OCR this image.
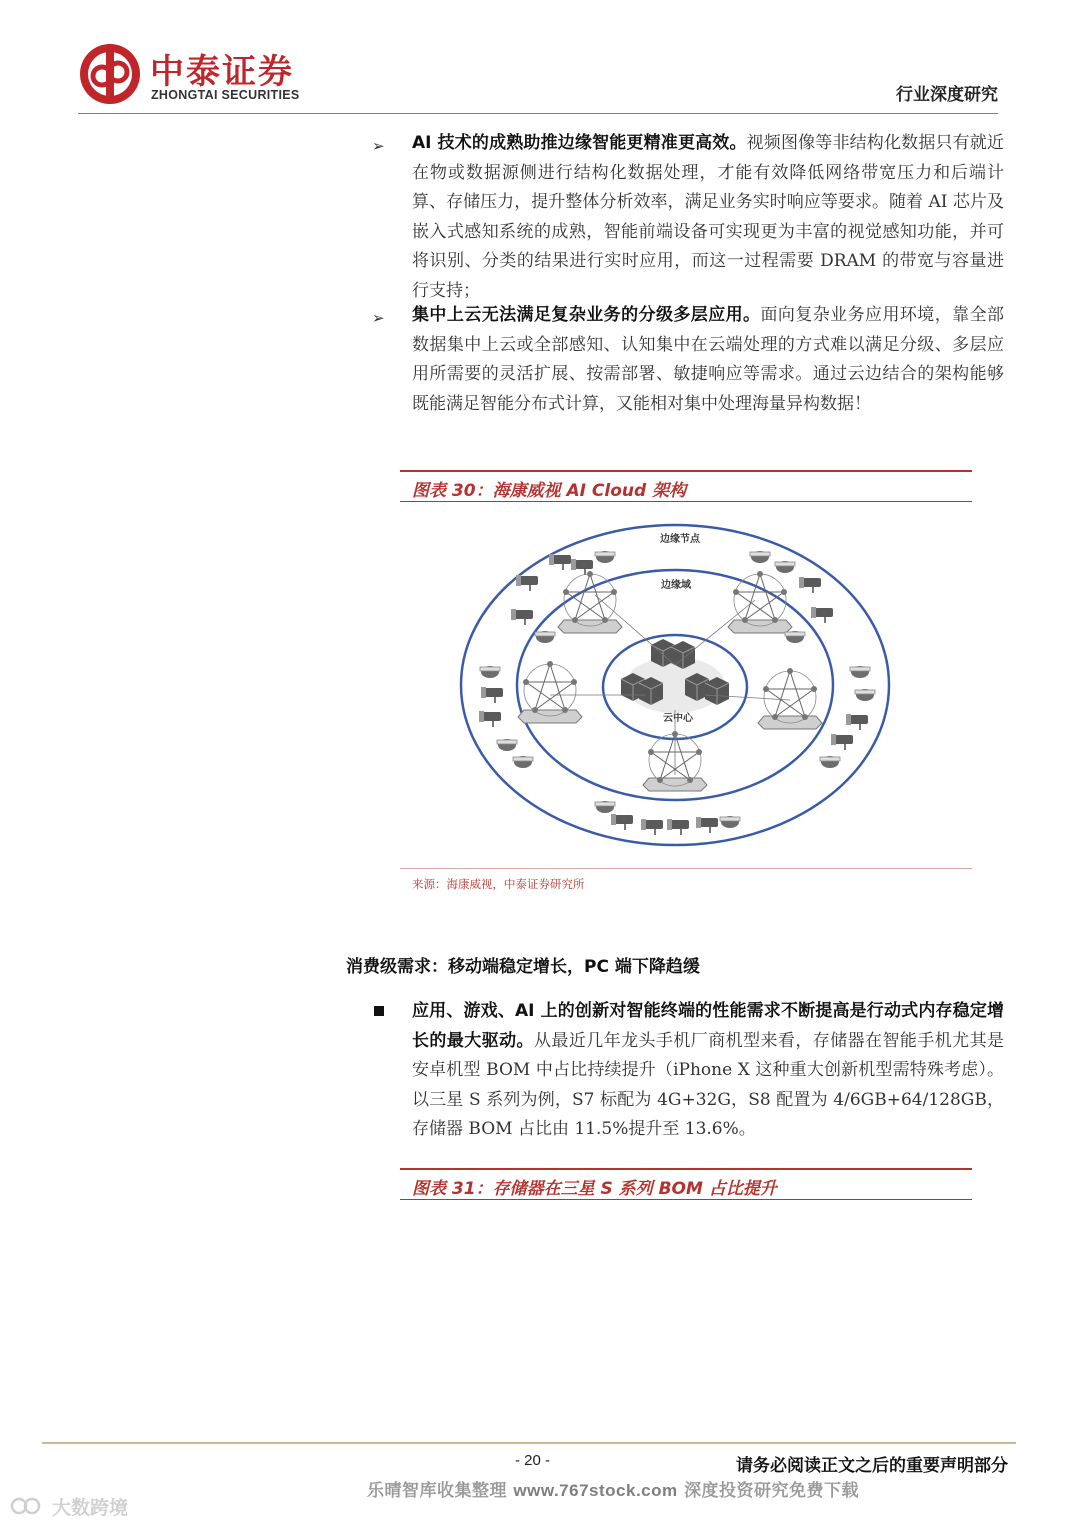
中泰证券
ZHONGTAI SECURITIES	行业深度研究
➢ AI 技术的成熟助推边缘智能更精准更高效。视频图像等非结构化数据只有就近在物或数据源侧进行结构化数据处理，才能有效降低网络带宽压力和后端计算、存储压力，提升整体分析效率，满足业务实时响应等要求。随着 AI 芯片及嵌入式感知系统的成熟，智能前端设备可实现更为丰富的视觉感知功能，并可将识别、分类的结果进行实时应用，而这一过程需要 DRAM 的带宽与容量进行支持；
➢ 集中上云无法满足复杂业务的分级多层应用。面向复杂业务应用环境，靠全部数据集中上云或全部感知、认知集中在云端处理的方式难以满足分级、多层应用所需要的灵活扩展、按需部署、敏捷响应等需求。通过云边结合的架构能够既能满足智能分布式计算，又能相对集中处理海量异构数据！
图表 30：海康威视 AI Cloud 架构
边缘节点
边缘域
云中心
来源：海康威视，中泰证券研究所
消费级需求：移动端稳定增长，PC 端下降趋缓
应用、游戏、AI 上的创新对智能终端的性能需求不断提高是行动式内存稳定增长的最大驱动。从最近几年龙头手机厂商机型来看，存储器在智能手机尤其是安卓机型 BOM 中占比持续提升（iPhone X 这种重大创新机型需特殊考虑）。以三星 S 系列为例，S7 标配为 4G+32G，S8 配置为 4/6GB+64/128GB，存储器 BOM 占比由 11.5%提升至 13.6%。
图表 31：存储器在三星 S 系列 BOM 占比提升
- 20 -	请务必阅读正文之后的重要声明部分
乐晴智库收集整理 www.767stock.com 深度投资研究免费下载
大数跨境
